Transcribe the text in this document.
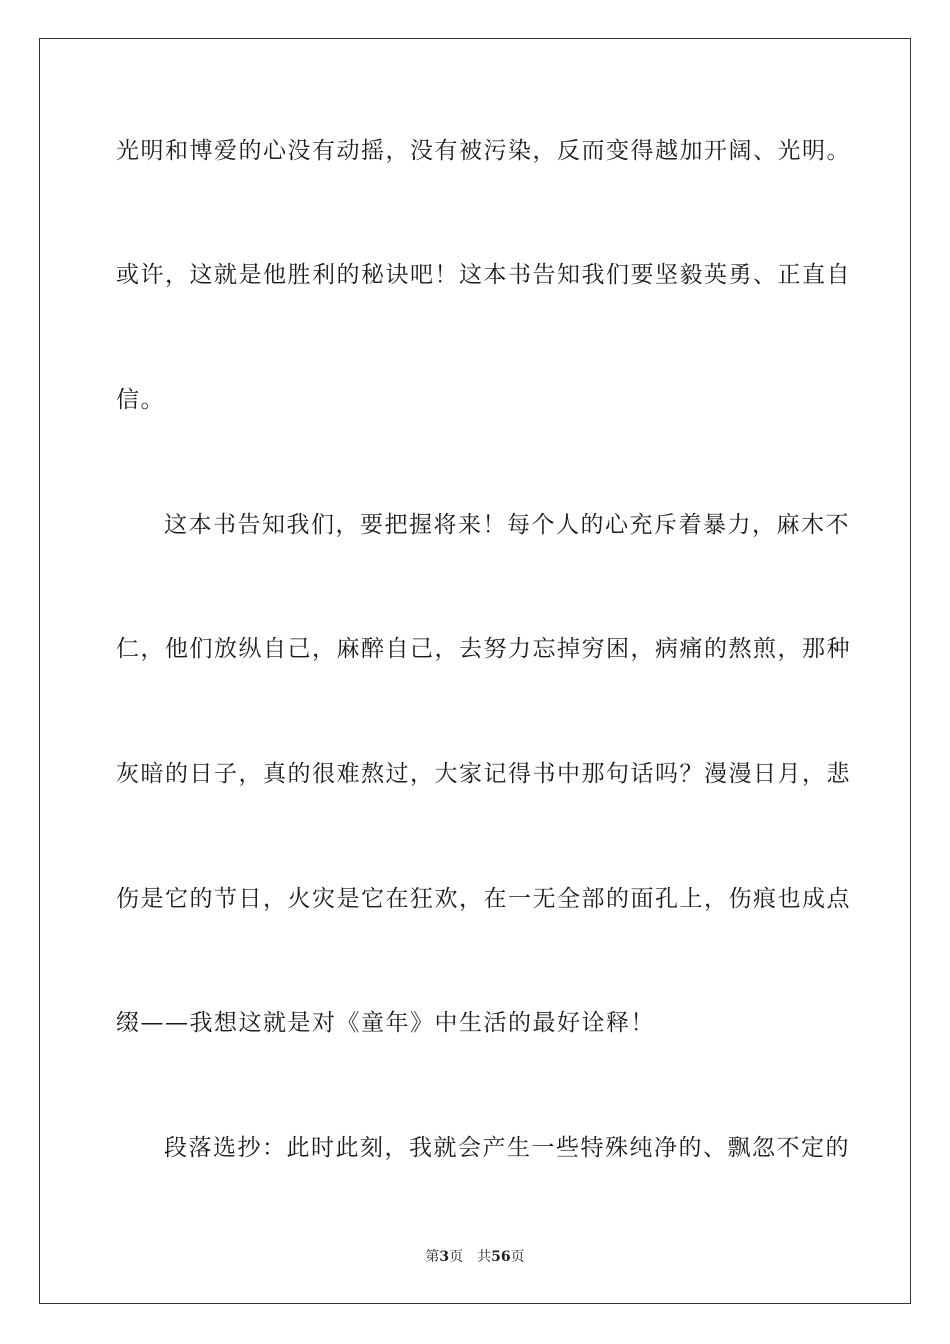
光明和博爱的心没有动摇，没有被污染，反而变得越加开阔、光明。
或许，这就是他胜利的秘诀吧！这本书告知我们要坚毅英勇、正直自
信。
这本书告知我们，要把握将来！每个人的心充斥着暴力，麻木不
仁，他们放纵自己，麻醉自己，去努力忘掉穷困，病痛的熬煎，那种
灰暗的日子，真的很难熬过，大家记得书中那句话吗？漫漫日月，悲
伤是它的节日，火灾是它在狂欢，在一无全部的面孔上，伤痕也成点
缀——我想这就是对《童年》中生活的最好诠释！
段落选抄：此时此刻，我就会产生一些特殊纯净的、飘忽不定的
第3页 共56页
